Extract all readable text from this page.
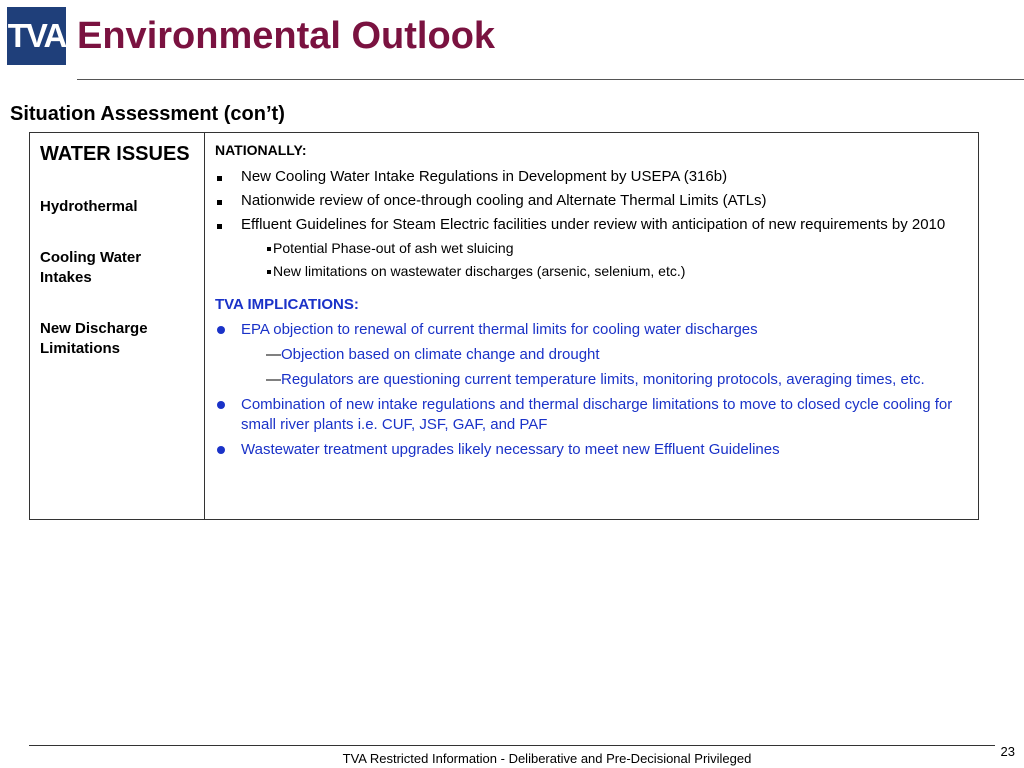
TVA Environmental Outlook
Situation Assessment (con’t)
WATER ISSUES
Hydrothermal
Cooling Water Intakes
New Discharge Limitations
NATIONALLY:
New Cooling Water Intake Regulations in Development by USEPA (316b)
Nationwide review of once-through cooling and Alternate Thermal Limits (ATLs)
Effluent Guidelines for Steam Electric facilities under review with anticipation of new requirements by 2010
Potential Phase-out of ash wet sluicing
New limitations on wastewater discharges (arsenic, selenium, etc.)
TVA IMPLICATIONS:
EPA objection to renewal of current thermal limits for cooling water discharges
—Objection based on climate change and drought
—Regulators are questioning current temperature limits, monitoring protocols, averaging times, etc.
Combination of new intake regulations and thermal discharge limitations to move to closed cycle cooling for small river plants i.e. CUF, JSF, GAF, and PAF
Wastewater treatment upgrades likely necessary to meet new Effluent Guidelines
TVA Restricted Information - Deliberative and Pre-Decisional Privileged	23
